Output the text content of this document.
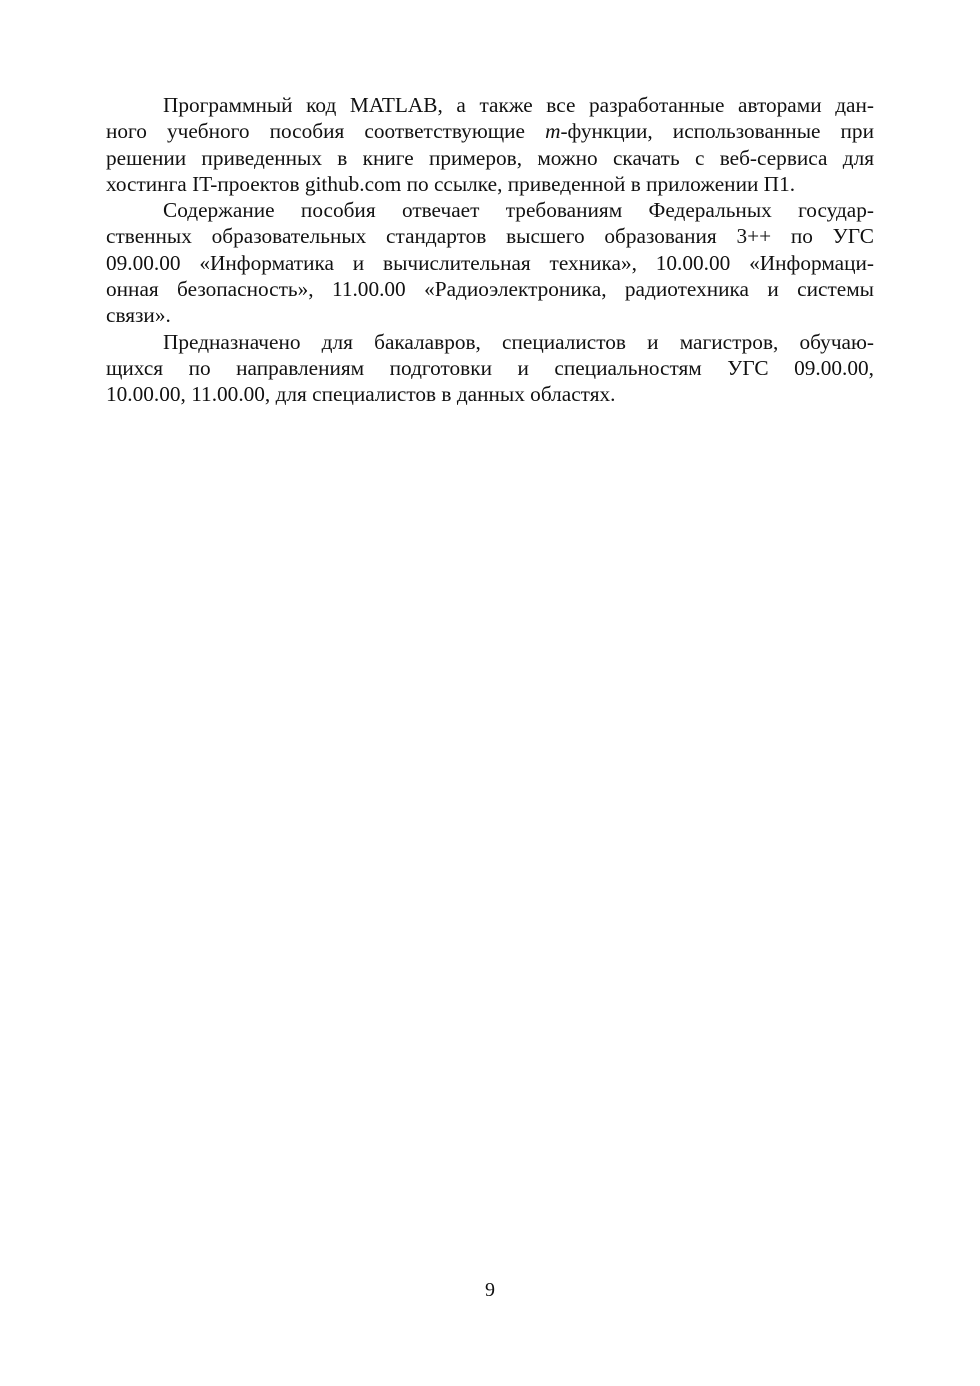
Программный код MATLAB, а также все разработанные авторами дан-
ного учебного пособия соответствующие m-функции, использованные при
решении приведенных в книге примеров, можно скачать с веб-сервиса для
хостинга IT-проектов github.com по ссылке, приведенной в приложении П1.

Содержание пособия отвечает требованиям Федеральных государ-
ственных образовательных стандартов высшего образования 3++ по УГС
09.00.00 «Информатика и вычислительная техника», 10.00.00 «Информаци-
онная безопасность», 11.00.00 «Радиоэлектроника, радиотехника и системы
связи».

Предназначено для бакалавров, специалистов и магистров, обучаю-
щихся по направлениям подготовки и специальностям УГС 09.00.00,
10.00.00, 11.00.00, для специалистов в данных областях.

9
